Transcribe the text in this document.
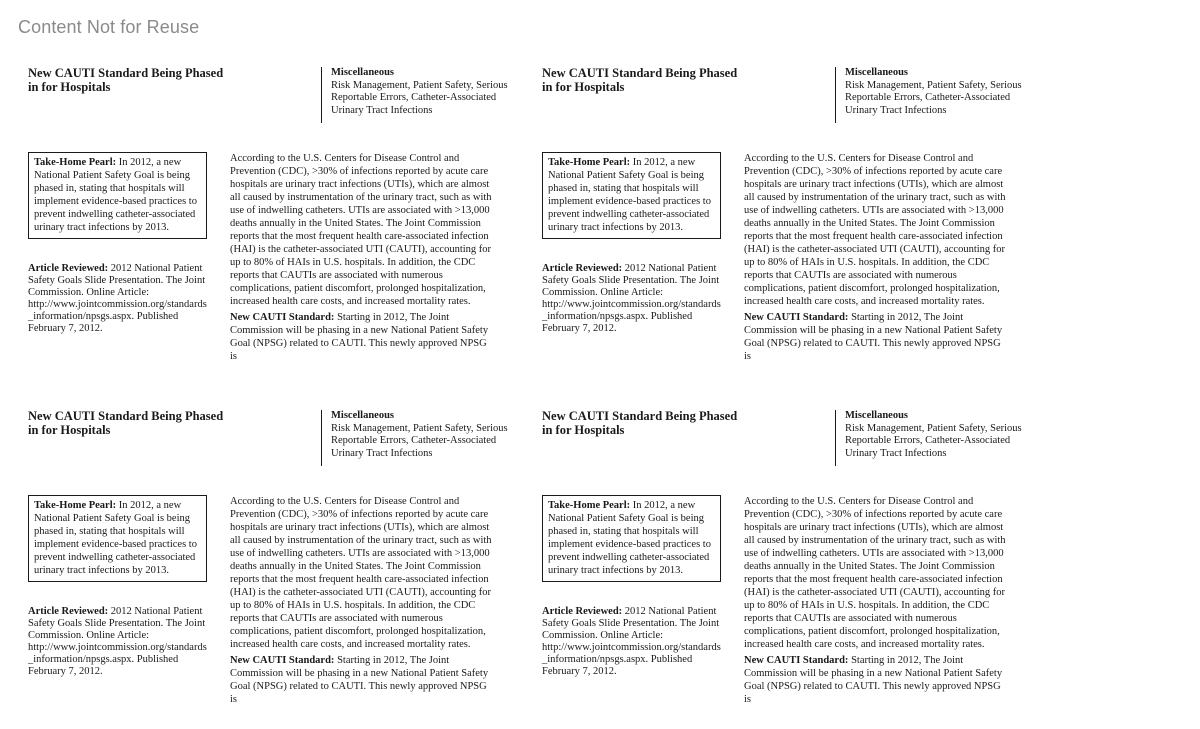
Content Not for Reuse
New CAUTI Standard Being Phased in for Hospitals
Miscellaneous
Risk Management, Patient Safety, Serious Reportable Errors, Catheter-Associated Urinary Tract Infections
Take-Home Pearl: In 2012, a new National Patient Safety Goal is being phased in, stating that hospitals will implement evidence-based practices to prevent indwelling catheter-associated urinary tract infections by 2013.
Article Reviewed: 2012 National Patient Safety Goals Slide Presentation. The Joint Commission. Online Article: http://www.jointcommission.org/standards_information/npsgs.aspx. Published February 7, 2012.

According to the U.S. Centers for Disease Control and Prevention (CDC), >30% of infections reported by acute care hospitals are urinary tract infections (UTIs), which are almost all caused by instrumentation of the urinary tract, such as with use of indwelling catheters. UTIs are associated with >13,000 deaths annually in the United States. The Joint Commission reports that the most frequent health care-associated infection (HAI) is the catheter-associated UTI (CAUTI), accounting for up to 80% of HAIs in U.S. hospitals. In addition, the CDC reports that CAUTIs are associated with numerous complications, patient discomfort, prolonged hospitalization, increased health care costs, and increased mortality rates.

New CAUTI Standard: Starting in 2012, The Joint Commission will be phasing in a new National Patient Safety Goal (NPSG) related to CAUTI. This newly approved NPSG is

New CAUTI Standard Being Phased in for Hospitals
Miscellaneous
Risk Management, Patient Safety, Serious Reportable Errors, Catheter-Associated Urinary Tract Infections
Take-Home Pearl: In 2012, a new National Patient Safety Goal is being phased in, stating that hospitals will implement evidence-based practices to prevent indwelling catheter-associated urinary tract infections by 2013.
Article Reviewed: 2012 National Patient Safety Goals Slide Presentation. The Joint Commission. Online Article: http://www.jointcommission.org/standards_information/npsgs.aspx. Published February 7, 2012.

According to the U.S. Centers for Disease Control and Prevention (CDC), >30% of infections reported by acute care hospitals are urinary tract infections (UTIs), which are almost all caused by instrumentation of the urinary tract, such as with use of indwelling catheters. UTIs are associated with >13,000 deaths annually in the United States. The Joint Commission reports that the most frequent health care-associated infection (HAI) is the catheter-associated UTI (CAUTI), accounting for up to 80% of HAIs in U.S. hospitals. In addition, the CDC reports that CAUTIs are associated with numerous complications, patient discomfort, prolonged hospitalization, increased health care costs, and increased mortality rates.

New CAUTI Standard: Starting in 2012, The Joint Commission will be phasing in a new National Patient Safety Goal (NPSG) related to CAUTI. This newly approved NPSG is

New CAUTI Standard Being Phased in for Hospitals
Miscellaneous
Risk Management, Patient Safety, Serious Reportable Errors, Catheter-Associated Urinary Tract Infections
Take-Home Pearl: In 2012, a new National Patient Safety Goal is being phased in, stating that hospitals will implement evidence-based practices to prevent indwelling catheter-associated urinary tract infections by 2013.
Article Reviewed: 2012 National Patient Safety Goals Slide Presentation. The Joint Commission. Online Article: http://www.jointcommission.org/standards_information/npsgs.aspx. Published February 7, 2012.

According to the U.S. Centers for Disease Control and Prevention (CDC), >30% of infections reported by acute care hospitals are urinary tract infections (UTIs), which are almost all caused by instrumentation of the urinary tract, such as with use of indwelling catheters. UTIs are associated with >13,000 deaths annually in the United States. The Joint Commission reports that the most frequent health care-associated infection (HAI) is the catheter-associated UTI (CAUTI), accounting for up to 80% of HAIs in U.S. hospitals. In addition, the CDC reports that CAUTIs are associated with numerous complications, patient discomfort, prolonged hospitalization, increased health care costs, and increased mortality rates.

New CAUTI Standard: Starting in 2012, The Joint Commission will be phasing in a new National Patient Safety Goal (NPSG) related to CAUTI. This newly approved NPSG is

New CAUTI Standard Being Phased in for Hospitals
Miscellaneous
Risk Management, Patient Safety, Serious Reportable Errors, Catheter-Associated Urinary Tract Infections
Take-Home Pearl: In 2012, a new National Patient Safety Goal is being phased in, stating that hospitals will implement evidence-based practices to prevent indwelling catheter-associated urinary tract infections by 2013.
Article Reviewed: 2012 National Patient Safety Goals Slide Presentation. The Joint Commission. Online Article: http://www.jointcommission.org/standards_information/npsgs.aspx. Published February 7, 2012.

According to the U.S. Centers for Disease Control and Prevention (CDC), >30% of infections reported by acute care hospitals are urinary tract infections (UTIs), which are almost all caused by instrumentation of the urinary tract, such as with use of indwelling catheters. UTIs are associated with >13,000 deaths annually in the United States. The Joint Commission reports that the most frequent health care-associated infection (HAI) is the catheter-associated UTI (CAUTI), accounting for up to 80% of HAIs in U.S. hospitals. In addition, the CDC reports that CAUTIs are associated with numerous complications, patient discomfort, prolonged hospitalization, increased health care costs, and increased mortality rates.

New CAUTI Standard: Starting in 2012, The Joint Commission will be phasing in a new National Patient Safety Goal (NPSG) related to CAUTI. This newly approved NPSG is
